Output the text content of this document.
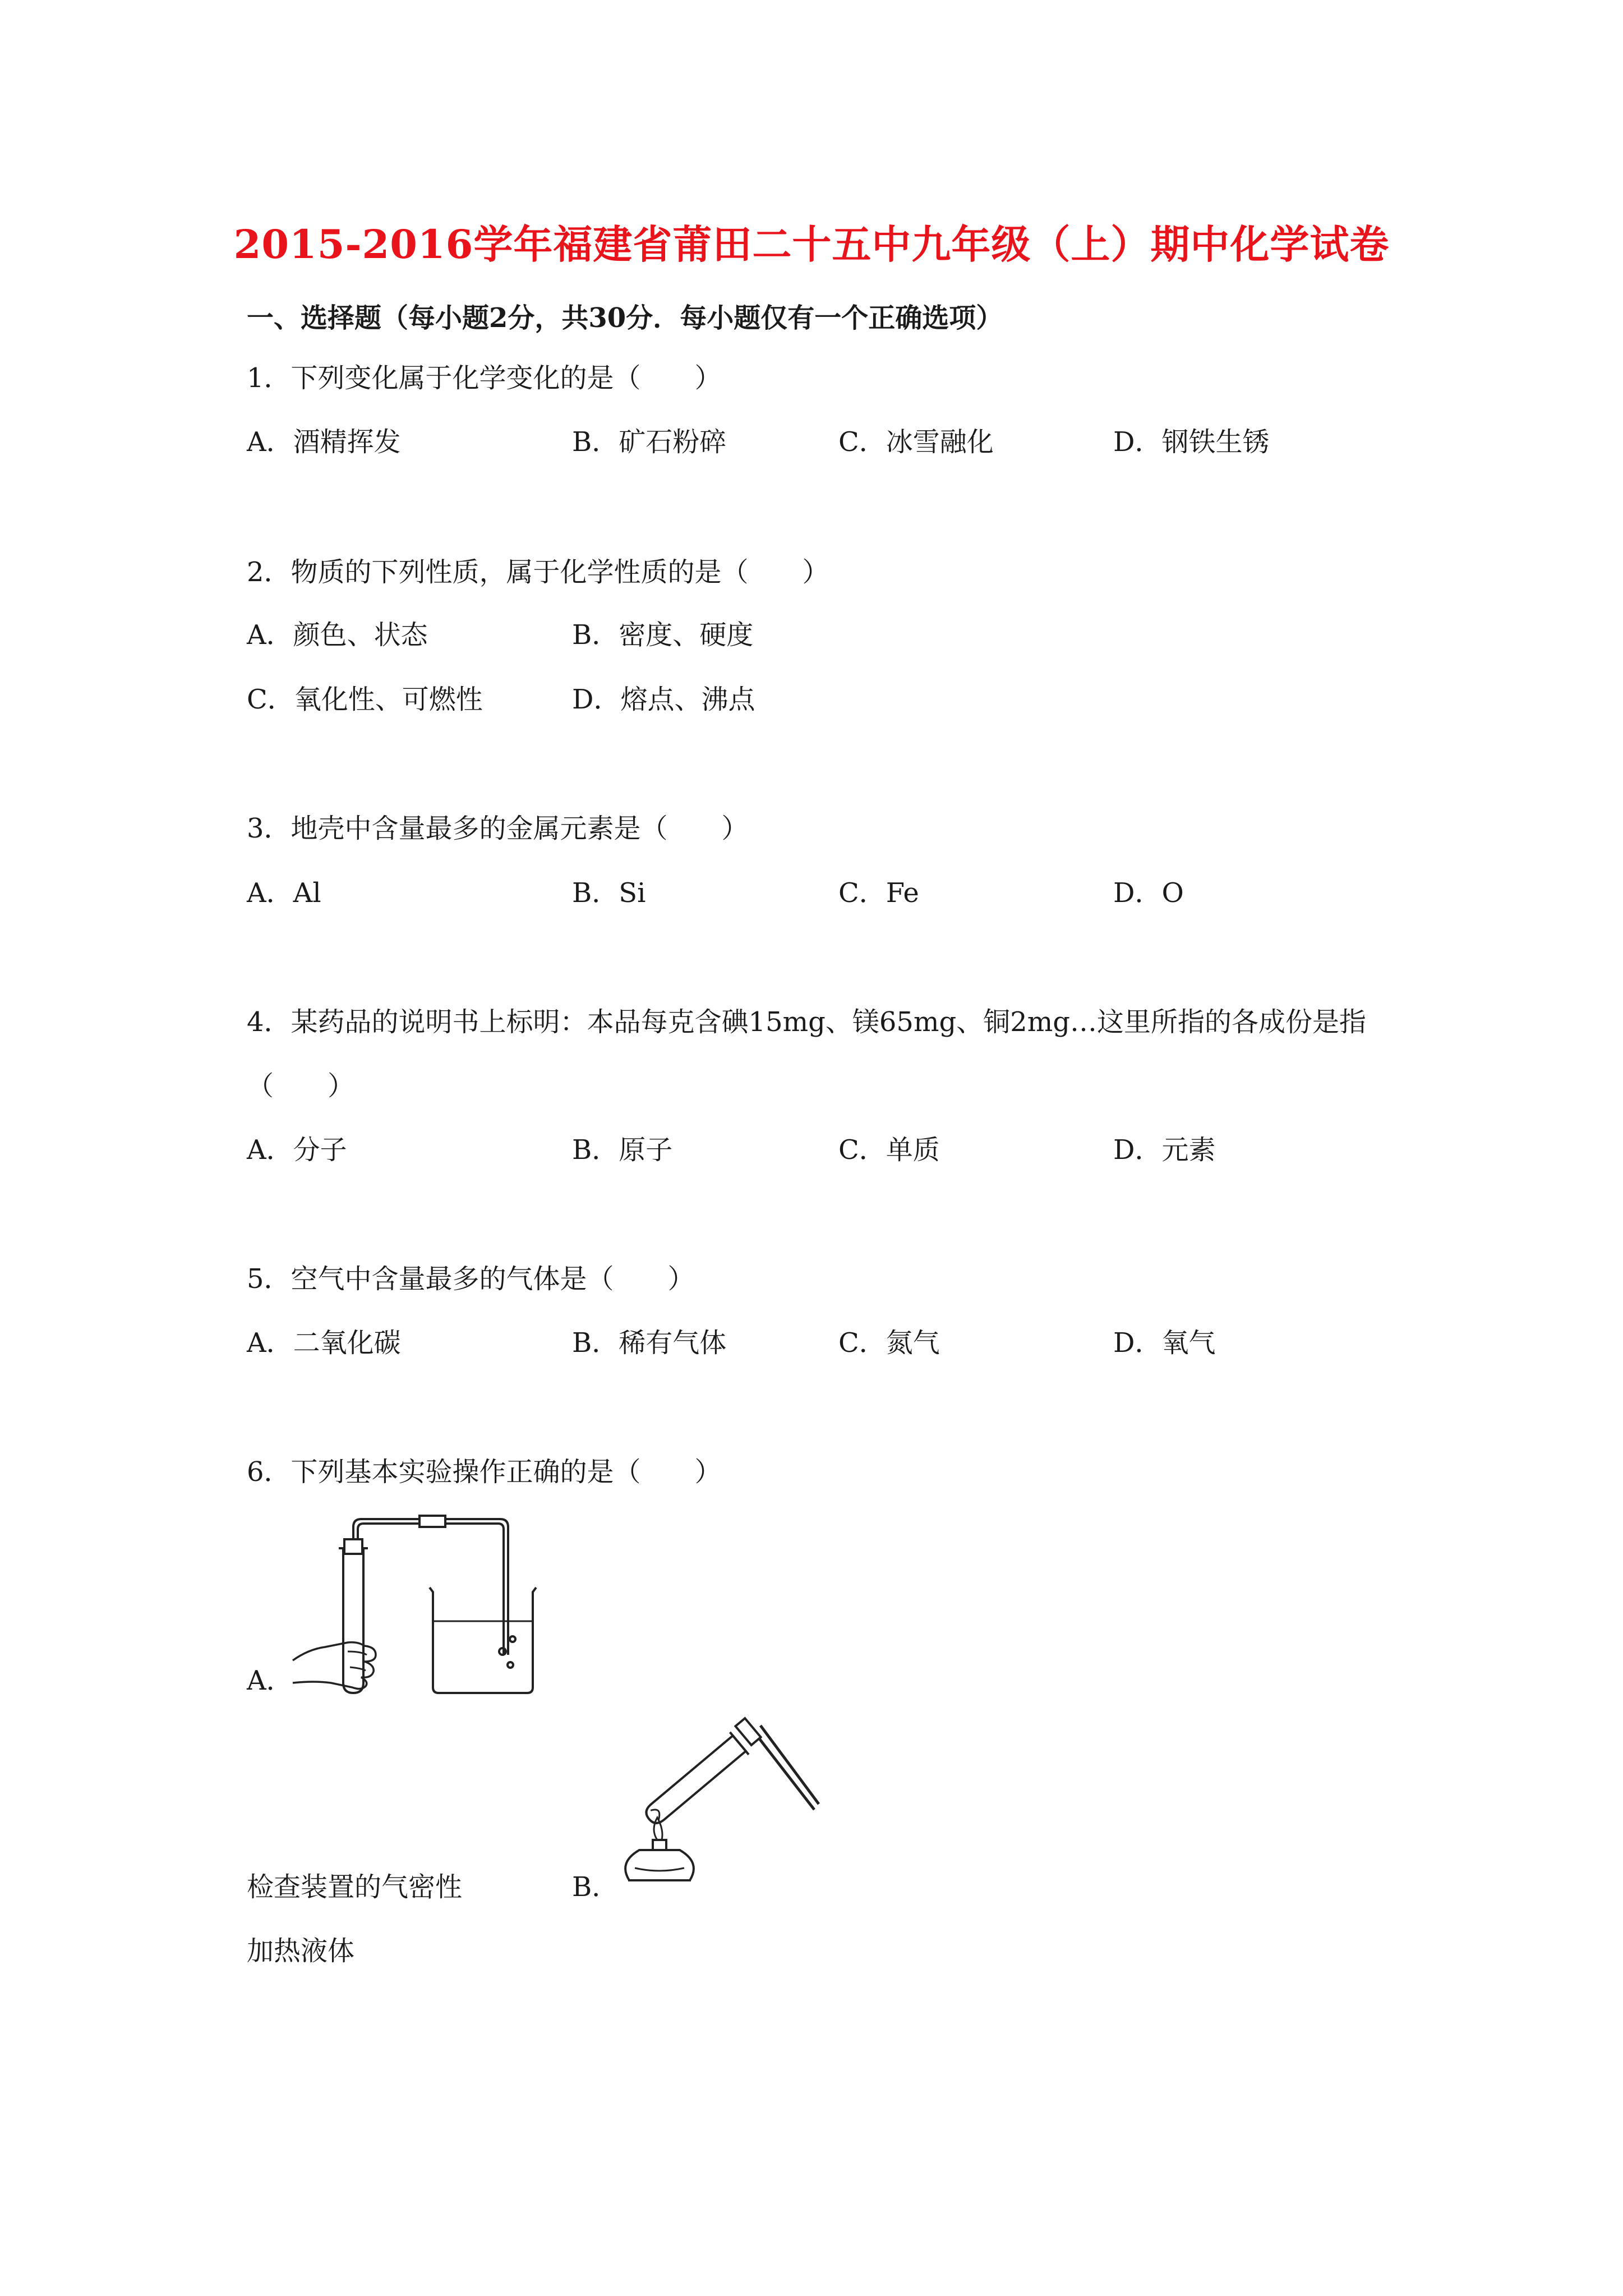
2015-2016学年福建省莆田二十五中九年级（上）期中化学试卷
一、选择题（每小题2分，共30分．每小题仅有一个正确选项）
1．下列变化属于化学变化的是（　　）
A．酒精挥发	B．矿石粉碎	C．冰雪融化	D．钢铁生锈
2．物质的下列性质，属于化学性质的是（　　）
A．颜色、状态	B．密度、硬度
C．氧化性、可燃性	D．熔点、沸点
3．地壳中含量最多的金属元素是（　　）
A．Al	B．Si	C．Fe	D．O
4．某药品的说明书上标明：本品每克含碘15mg、镁65mg、铜2mg…这里所指的各成份是指
（　　）
A．分子	B．原子	C．单质	D．元素
5．空气中含量最多的气体是（　　）
A．二氧化碳	B．稀有气体	C．氮气	D．氧气
6．下列基本实验操作正确的是（　　）
A．
检查装置的气密性	B．
加热液体
